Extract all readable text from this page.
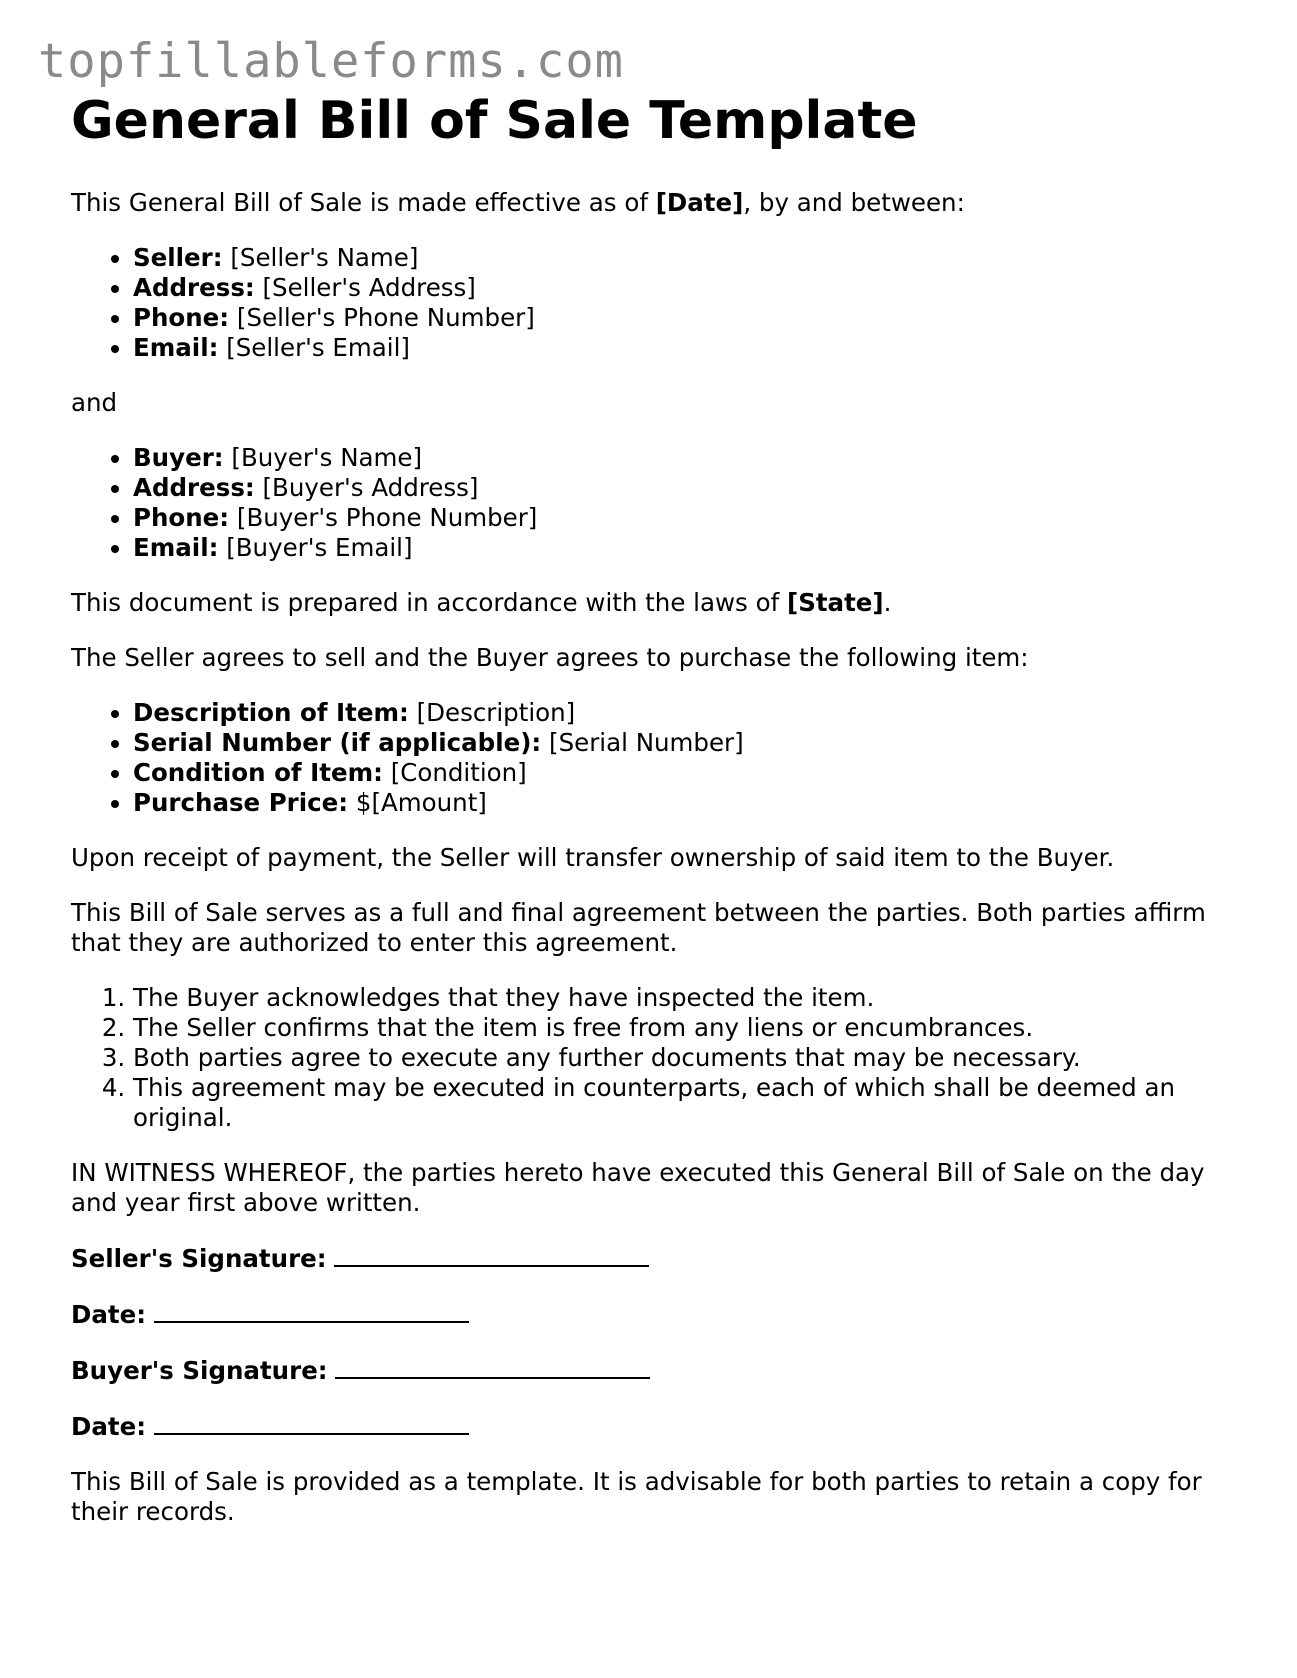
topfillableforms.com
General Bill of Sale Template

This General Bill of Sale is made effective as of [Date], by and between:

• Seller: [Seller's Name]
• Address: [Seller's Address]
• Phone: [Seller's Phone Number]
• Email: [Seller's Email]

and

• Buyer: [Buyer's Name]
• Address: [Buyer's Address]
• Phone: [Buyer's Phone Number]
• Email: [Buyer's Email]

This document is prepared in accordance with the laws of [State].

The Seller agrees to sell and the Buyer agrees to purchase the following item:

• Description of Item: [Description]
• Serial Number (if applicable): [Serial Number]
• Condition of Item: [Condition]
• Purchase Price: $[Amount]

Upon receipt of payment, the Seller will transfer ownership of said item to the Buyer.

This Bill of Sale serves as a full and final agreement between the parties. Both parties affirm that they are authorized to enter this agreement.

1. The Buyer acknowledges that they have inspected the item.
2. The Seller confirms that the item is free from any liens or encumbrances.
3. Both parties agree to execute any further documents that may be necessary.
4. This agreement may be executed in counterparts, each of which shall be deemed an original.

IN WITNESS WHEREOF, the parties hereto have executed this General Bill of Sale on the day and year first above written.

Seller's Signature:
Date:
Buyer's Signature:
Date:

This Bill of Sale is provided as a template. It is advisable for both parties to retain a copy for their records.
